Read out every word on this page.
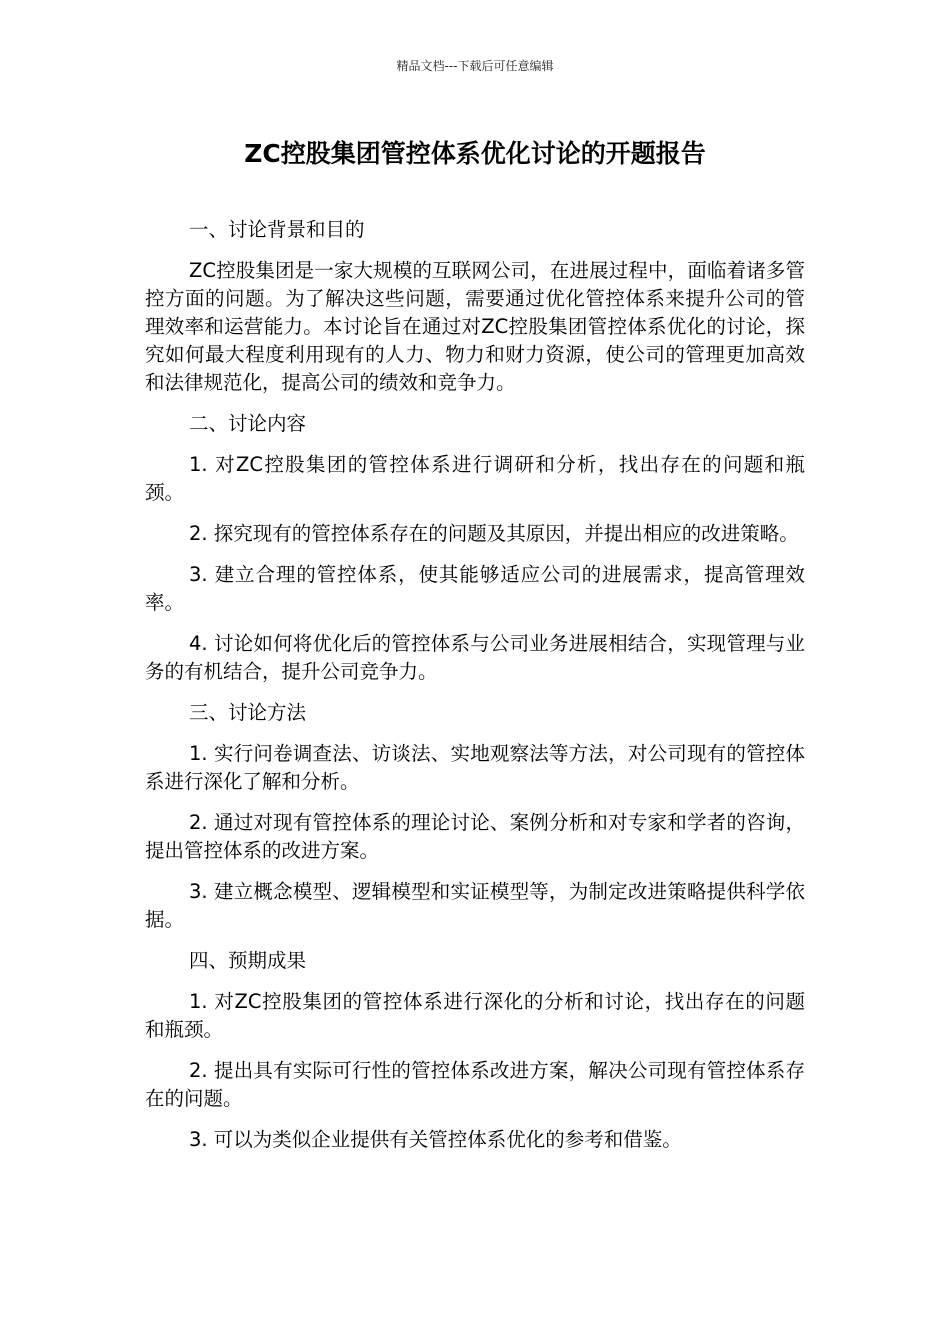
精品文档---下载后可任意编辑
ZC控股集团管控体系优化讨论的开题报告

一、讨论背景和目的

ZC控股集团是一家大规模的互联网公司，在进展过程中，面临着诸多管控方面的问题。为了解决这些问题，需要通过优化管控体系来提升公司的管理效率和运营能力。本讨论旨在通过对ZC控股集团管控体系优化的讨论，探究如何最大程度利用现有的人力、物力和财力资源，使公司的管理更加高效和法律规范化，提高公司的绩效和竞争力。

二、讨论内容

1. 对ZC控股集团的管控体系进行调研和分析，找出存在的问题和瓶颈。

2. 探究现有的管控体系存在的问题及其原因，并提出相应的改进策略。

3. 建立合理的管控体系，使其能够适应公司的进展需求，提高管理效率。

4. 讨论如何将优化后的管控体系与公司业务进展相结合，实现管理与业务的有机结合，提升公司竞争力。

三、讨论方法

1. 实行问卷调查法、访谈法、实地观察法等方法，对公司现有的管控体系进行深化了解和分析。

2. 通过对现有管控体系的理论讨论、案例分析和对专家和学者的咨询，提出管控体系的改进方案。

3. 建立概念模型、逻辑模型和实证模型等，为制定改进策略提供科学依据。

四、预期成果

1. 对ZC控股集团的管控体系进行深化的分析和讨论，找出存在的问题和瓶颈。

2. 提出具有实际可行性的管控体系改进方案，解决公司现有管控体系存在的问题。

3. 可以为类似企业提供有关管控体系优化的参考和借鉴。
